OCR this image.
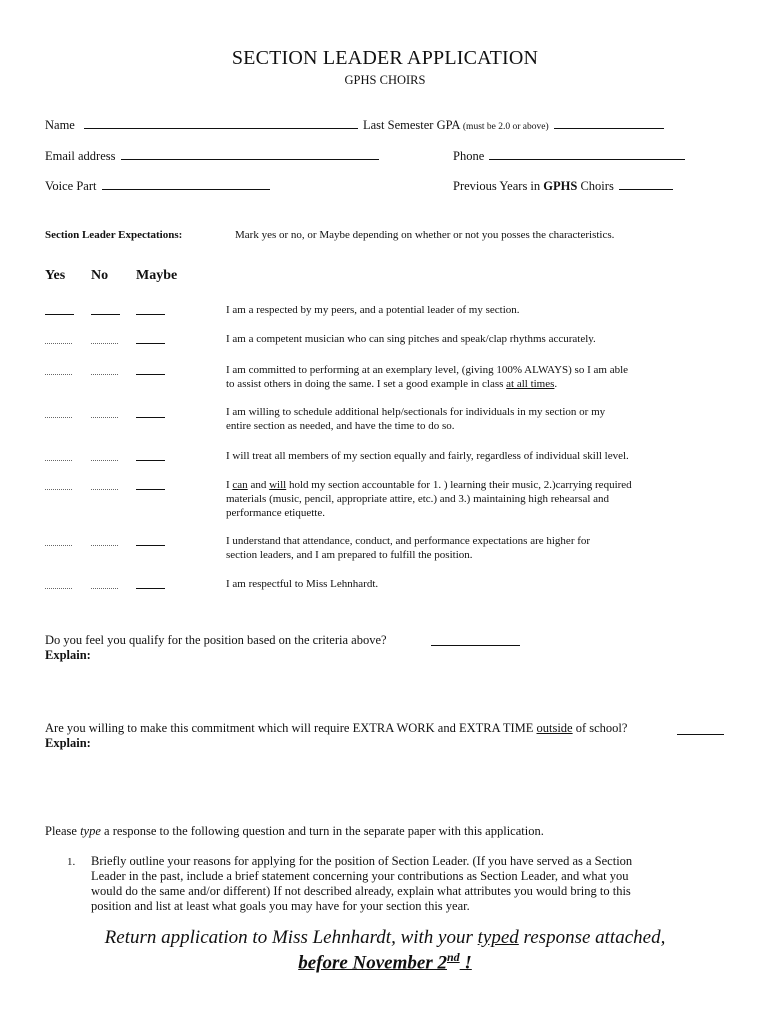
SECTION LEADER APPLICATION
GPHS CHOIRS
Name	Last Semester GPA (must be 2.0 or above)
Email address	Phone
Voice Part	Previous Years in GPHS Choirs
Section Leader Expectations:	Mark yes or no, or Maybe depending on whether or not you posses the characteristics.
Yes No Maybe
I am a respected by my peers, and a potential leader of my section.
I am a competent musician who can sing pitches and speak/clap rhythms accurately.
I am committed to performing at an exemplary level, (giving 100% ALWAYS) so I am able
to assist others in doing the same. I set a good example in class at all times.
I am willing to schedule additional help/sectionals for individuals in my section or my
entire section as needed, and have the time to do so.
I will treat all members of my section equally and fairly, regardless of individual skill level.
I can and will hold my section accountable for 1. ) learning their music, 2.)carrying required
materials (music, pencil, appropriate attire, etc.) and 3.) maintaining high rehearsal and
performance etiquette.
I understand that attendance, conduct, and performance expectations are higher for
section leaders, and I am prepared to fulfill the position.
I am respectful to Miss Lehnhardt.
Do you feel you qualify for the position based on the criteria above?
Explain:
Are you willing to make this commitment which will require EXTRA WORK and EXTRA TIME outside of school?
Explain:
Please type a response to the following question and turn in the separate paper with this application.
1. Briefly outline your reasons for applying for the position of Section Leader. (If you have served as a Section
Leader in the past, include a brief statement concerning your contributions as Section Leader, and what you
would do the same and/or different) If not described already, explain what attributes you would bring to this
position and list at least what goals you may have for your section this year.
Return application to Miss Lehnhardt, with your typed response attached,
before November 2nd !
